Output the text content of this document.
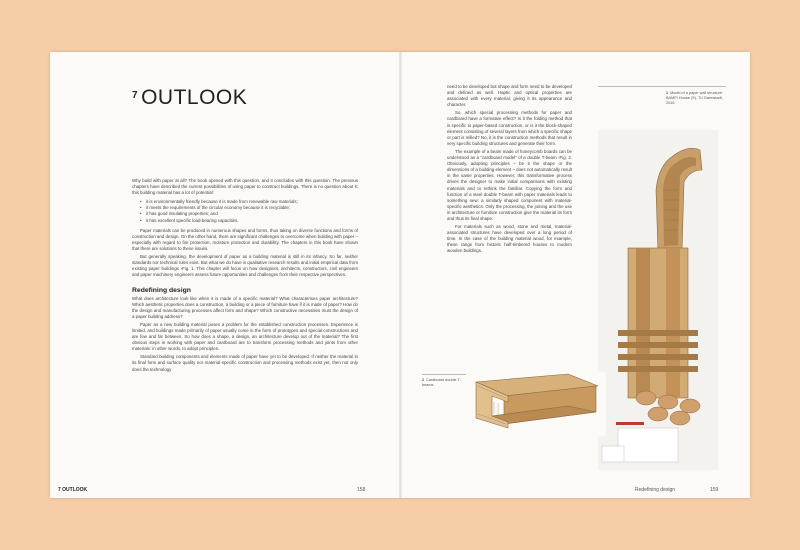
$^7$ OUTLOOK

Why build with paper at all? The book opened with this question, and it concludes with this question. The previous chapters have described the current possibilities of using paper to construct buildings. There is no question about it; this building material has a lot of potential:

• it is environmentally friendly because it is made from renewable raw materials;
• it meets the requirements of the circular economy because it is recyclable;
• it has good insulating properties; and
• it has excellent specific load-bearing capacities.

Paper materials can be produced in numerous shapes and forms, thus taking on diverse functions and forms of construction and design. On the other hand, there are significant challenges to overcome when building with paper – especially with regard to fire protection, moisture protection and durability. The chapters in this book have shown that there are solutions to these issues.

But generally speaking, the development of paper as a building material is still in its infancy. So far, neither standards nor technical rules exist. But what we do have is qualitative research results and initial empirical data from existing paper buildings ›Fig. 1. This chapter will focus on how designers, architects, constructors, civil engineers and paper machinery engineers assess future opportunities and challenges from their respective perspectives.

Redefining design

What does architecture look like when it is made of a specific material? What characterises paper architecture? Which aesthetic properties does a construction, a building or a piece of furniture have if it is made of paper? How do the design and manufacturing processes affect form and shape? Which constructive necessities must the design of a paper building address?

Paper as a new building material poses a problem for the established construction processes. Experience is limited, and buildings made primarily of paper usually come in the form of prototypes and special constructions and are few and far between. So how does a shape, a design, an architecture develop out of the material? The first obvious steps in working with paper and cardboard are to transform processing methods and joints from other materials: in other words, to adopt principles.

Standard building components and elements made of paper have yet to be developed. If neither the material in its final form and surface quality nor material-specific construction and processing methods exist yet, then not only does the technology

7 OUTLOOK	158

need to be developed but shape and form need to be developed and defined as well. Haptic and optical properties are associated with every material, giving it its appearance and character.

So, which special processing methods for paper and cardboard have a formative effect? Is it the folding method that is specific to paper-based construction, or is it the block-shaped element consisting of several layers from which a specific shape or part is milled? No, it is the construction methods that result in very specific building structures and generate their form.

The example of a beam made of honeycomb boards can be understood as a "cardboard model" of a double T-beam ›Fig. 2. Obviously, adopting principles – be it the shape or the dimensions of a building element – does not automatically result in the same properties. However, this transformative process drives the designer to make initial comparisons with existing materials and to rethink the familiar. Copying the form and function of a steel double T-beam with paper materials leads to something new: a similarly shaped component with material-specific aesthetics. Only the processing, the joining and the use in architecture or furniture construction give the material its form and thus its final shape.

For materials such as wood, stone and metal, material-associated structures have developed over a long period of time. In the case of the building material wood, for example, these range from historic half-timbered houses to modern wooden buildings.

1 Model of a paper wall structure: BAMP! House (S), TU Darmstadt, 2016
2 Cardboard double T-beams
Redefining design	159
